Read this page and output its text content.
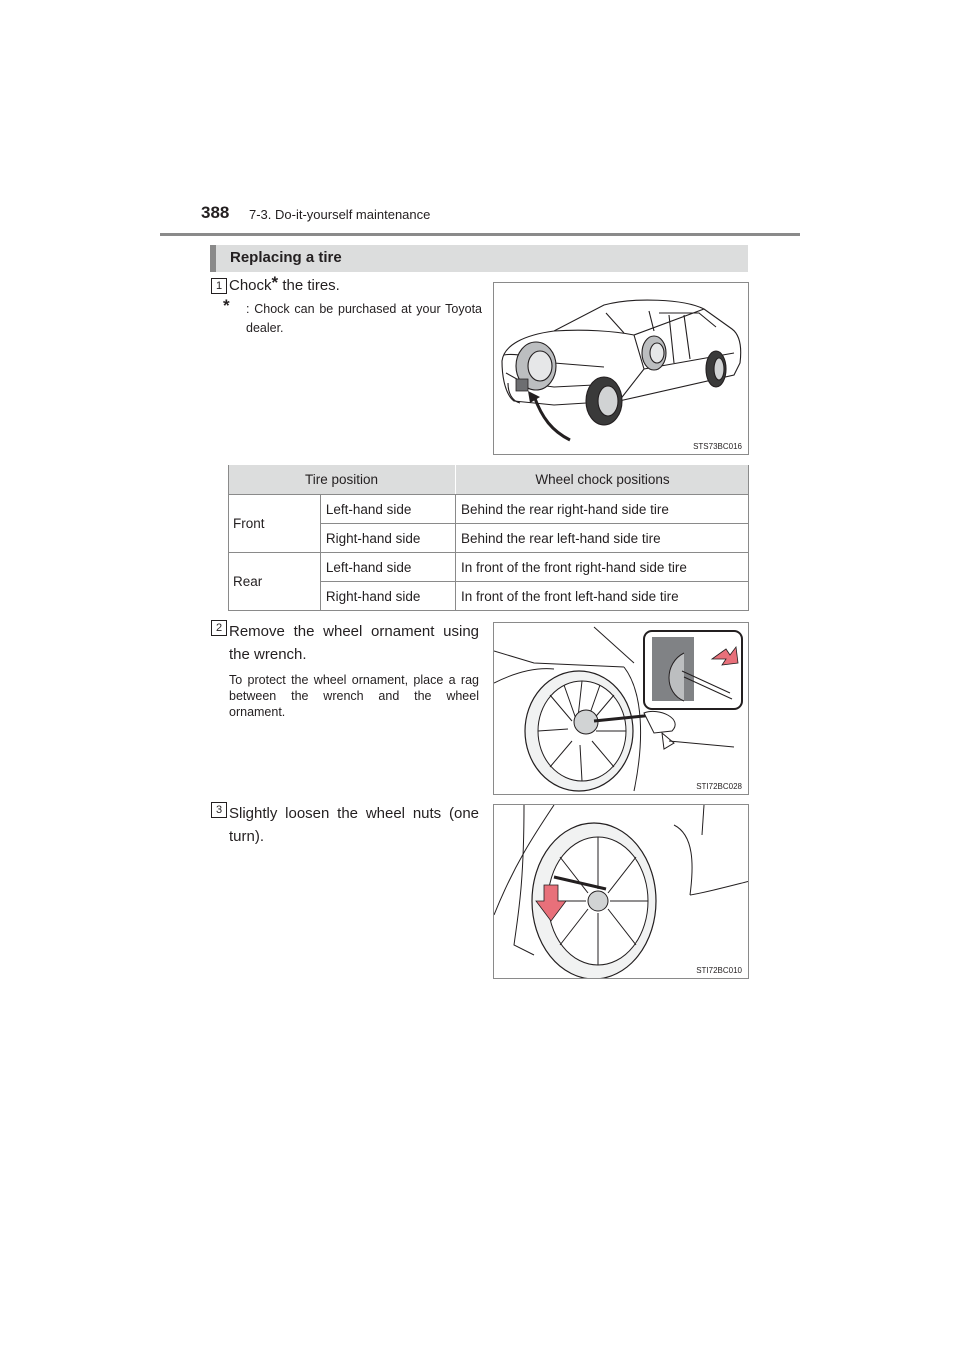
388 7-3. Do-it-yourself maintenance
Replacing a tire
1 Chock* the tires.
* : Chock can be purchased at your Toyota dealer.
STS73BC016
Tire position		Wheel chock positions
Front	Left-hand side	Behind the rear right-hand side tire
	Right-hand side	Behind the rear left-hand side tire
Rear	Left-hand side	In front of the front right-hand side tire
	Right-hand side	In front of the front left-hand side tire
2 Remove the wheel ornament using the wrench.
To protect the wheel ornament, place a rag between the wrench and the wheel ornament.
STI72BC028
3 Slightly loosen the wheel nuts (one turn).
STI72BC010
